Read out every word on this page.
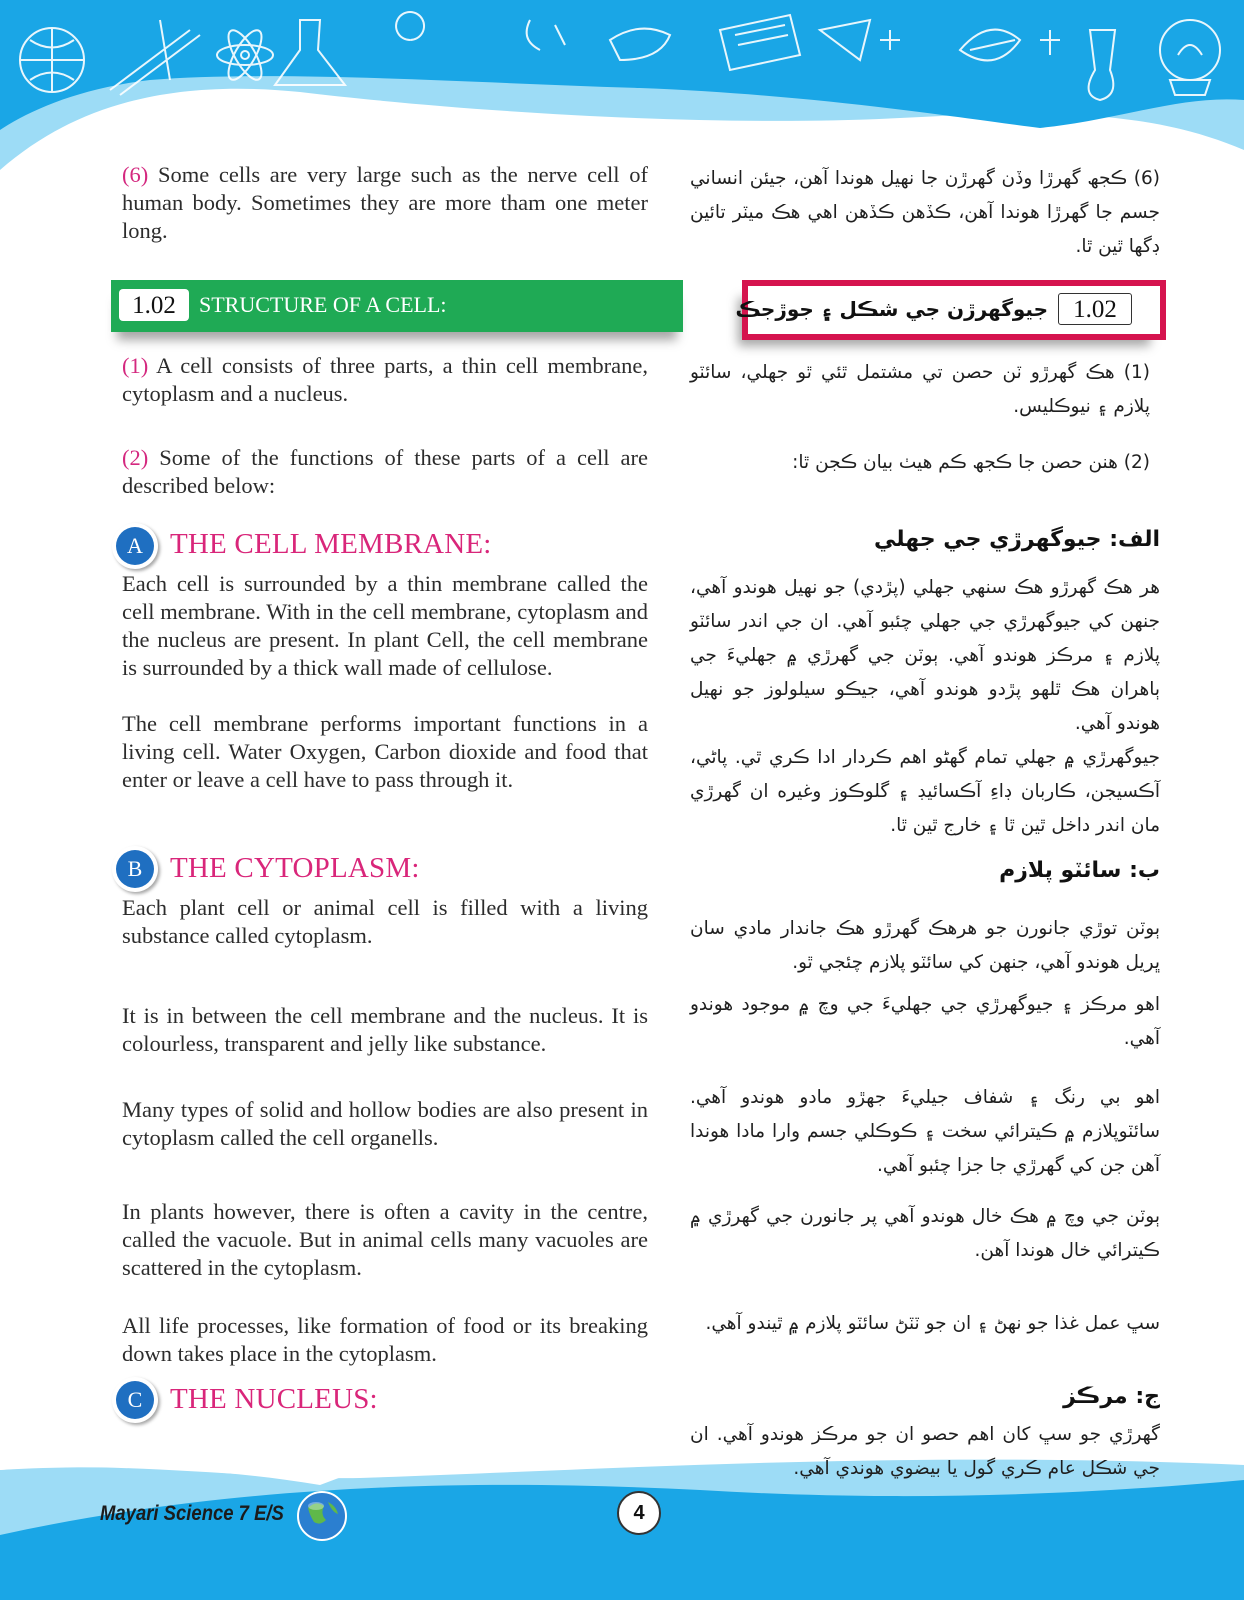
Mayari Science 7 E/S	4
(6) Some cells are very large such as the nerve cell of human body. Sometimes they are more tham one meter long.
1.02	STRUCTURE OF A CELL:
(1) A cell consists of three parts, a thin cell membrane, cytoplasm and a nucleus.
(2) Some of the functions of these parts of a cell are described below:
A THE CELL MEMBRANE:
Each cell is surrounded by a thin membrane called the cell membrane. With in the cell membrane, cytoplasm and the nucleus are present. In plant Cell, the cell membrane is surrounded by a thick wall made of cellulose.
The cell membrane performs important functions in a living cell. Water Oxygen, Carbon dioxide and food that enter or leave a cell have to pass through it.
B THE CYTOPLASM:
Each plant cell or animal cell is filled with a living substance called cytoplasm.
It is in between the cell membrane and the nucleus. It is colourless, transparent and jelly like substance.
Many types of solid and hollow bodies are also present in cytoplasm called the cell organells.
In plants however, there is often a cavity in the centre, called the vacuole. But in animal cells many vacuoles are scattered in the cytoplasm.
All life processes, like formation of food or its breaking down takes place in the cytoplasm.
C THE NUCLEUS:
(6) ڪجھ گهرڙا وڏن گهرڙن جا نهيل هوندا آهن، جيئن انساني جسم جا گهرڙا هوندا آهن، ڪڏهن ڪڏهن اهي هڪ ميٽر تائين ڊگها ٿين ٿا.
1.02
جيوگهرڙن جي شڪل ۽ جوڙجڪ
(1) هڪ گهرڙو ٽن حصن تي مشتمل ٿئي ٿو جهلي، سائٽو پلازم ۽ نيوڪليس.
(2) هنن حصن جا ڪجھ ڪم هيٺ بيان ڪجن ٿا:
الف: جيوگهرڙي جي جهلي
هر هڪ گهرڙو هڪ سنهي جهلي (پڙدي) جو نهيل هوندو آهي، جنهن کي جيوگهرڙي جي جهلي چئبو آهي. ان جي اندر سائٽو پلازم ۽ مرڪز هوندو آهي. ٻوٽن جي گهرڙي ۾ جهليءَ جي ٻاهران هڪ ٿلهو پڙدو هوندو آهي، جيڪو سيلولوز جو نهيل هوندو آهي.
جيوگهرڙي ۾ جهلي تمام گهڻو اهم ڪردار ادا ڪري ٿي. پاڻي، آڪسيجن، ڪاربان ڊاءِ آڪسائيڊ ۽ گلوڪوز وغيره ان گهرڙي مان اندر داخل ٿين ٿا ۽ خارج ٿين ٿا.
ب: سائٽو پلازم
ٻوٽن توڙي جانورن جو هرهڪ گهرڙو هڪ جاندار مادي سان ڀريل هوندو آهي، جنهن کي سائٽو پلازم چئجي ٿو.
اهو مرڪز ۽ جيوگهرڙي جي جهليءَ جي وچ ۾ موجود هوندو آهي.
اهو بي رنگ ۽ شفاف جيليءَ جهڙو مادو هوندو آهي. سائٽوپلازم ۾ ڪيترائي سخت ۽ ڪوڪلي جسم وارا مادا هوندا آهن جن کي گهرڙي جا جزا چئبو آهي.
ٻوٽن جي وچ ۾ هڪ خال هوندو آهي پر جانورن جي گهرڙي ۾ ڪيترائي خال هوندا آهن.
سڀ عمل غذا جو نهڻ ۽ ان جو ٽٽڻ سائٽو پلازم ۾ ٿيندو آهي.
ج: مرڪز
گهرڙي جو سڀ کان اهم حصو ان جو مرڪز هوندو آهي. ان جي شڪل عام ڪري گول يا بيضوي هوندي آهي.
